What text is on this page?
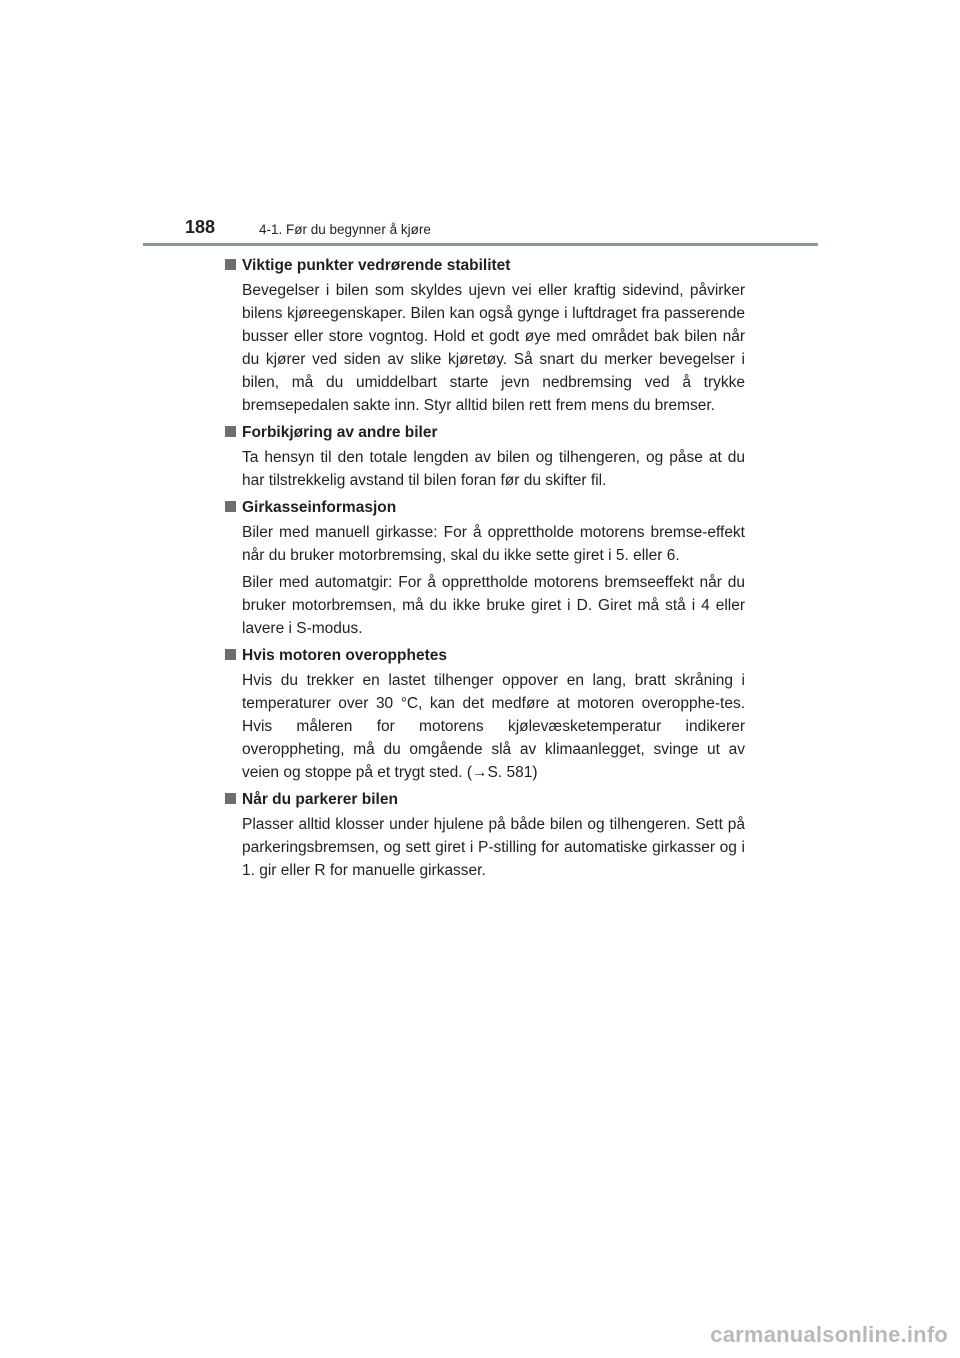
188	4-1. Før du begynner å kjøre
Viktige punkter vedrørende stabilitet

Bevegelser i bilen som skyldes ujevn vei eller kraftig sidevind, påvirker bilens kjøreegenskaper. Bilen kan også gynge i luftdraget fra passerende busser eller store vogntog. Hold et godt øye med området bak bilen når du kjører ved siden av slike kjøretøy. Så snart du merker bevegelser i bilen, må du umiddelbart starte jevn nedbremsing ved å trykke bremsepedalen sakte inn. Styr alltid bilen rett frem mens du bremser.

Forbikjøring av andre biler

Ta hensyn til den totale lengden av bilen og tilhengeren, og påse at du har tilstrekkelig avstand til bilen foran før du skifter fil.

Girkasseinformasjon

Biler med manuell girkasse: For å opprettholde motorens bremse-effekt når du bruker motorbremsing, skal du ikke sette giret i 5. eller 6.

Biler med automatgir: For å opprettholde motorens bremseeffekt når du bruker motorbremsen, må du ikke bruke giret i D. Giret må stå i 4 eller lavere i S-modus.

Hvis motoren overopphetes

Hvis du trekker en lastet tilhenger oppover en lang, bratt skråning i temperaturer over 30 °C, kan det medføre at motoren overopphe-tes. Hvis måleren for motorens kjølevæsketemperatur indikerer overoppheting, må du omgående slå av klimaanlegget, svinge ut av veien og stoppe på et trygt sted. (→S. 581)

Når du parkerer bilen

Plasser alltid klosser under hjulene på både bilen og tilhengeren. Sett på parkeringsbremsen, og sett giret i P-stilling for automatiske girkasser og i 1. gir eller R for manuelle girkasser.

carmanualsonline.info
